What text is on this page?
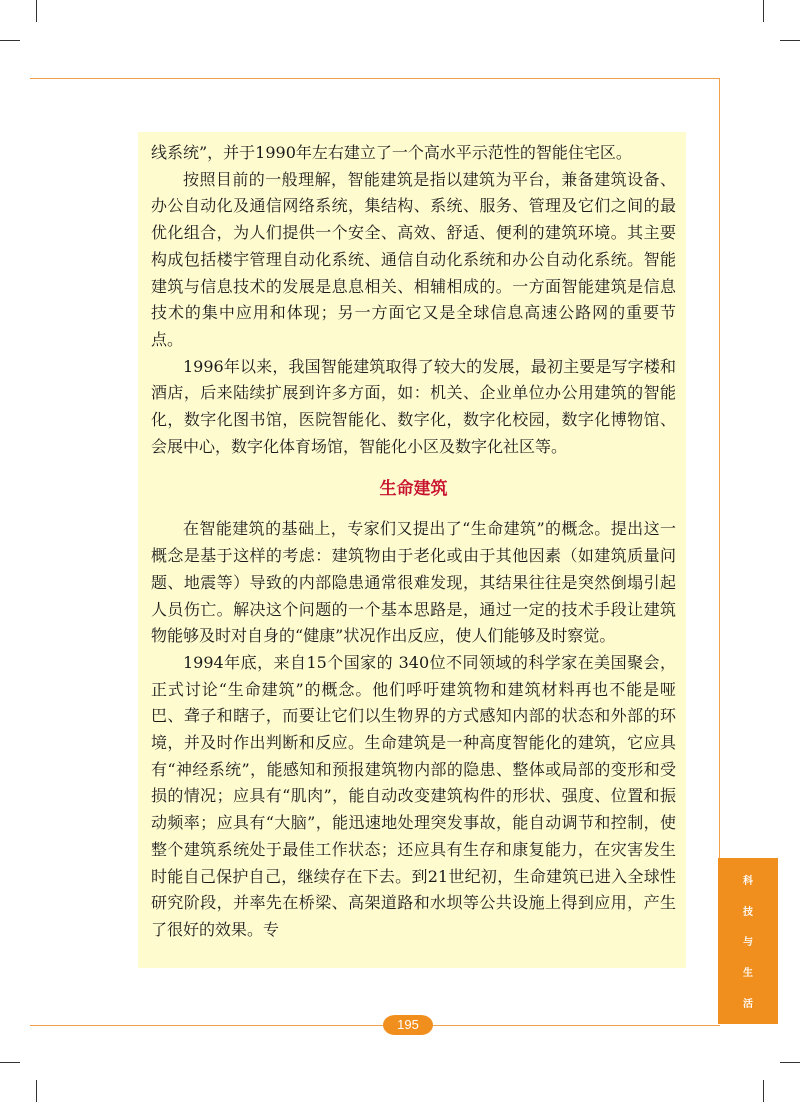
线系统”，并于1990年左右建立了一个高水平示范性的智能住宅区。

按照目前的一般理解，智能建筑是指以建筑为平台，兼备建筑设备、办公自动化及通信网络系统，集结构、系统、服务、管理及它们之间的最优化组合，为人们提供一个安全、高效、舒适、便利的建筑环境。其主要构成包括楼宇管理自动化系统、通信自动化系统和办公自动化系统。智能建筑与信息技术的发展是息息相关、相辅相成的。一方面智能建筑是信息技术的集中应用和体现；另一方面它又是全球信息高速公路网的重要节点。

1996年以来，我国智能建筑取得了较大的发展，最初主要是写字楼和酒店，后来陆续扩展到许多方面，如：机关、企业单位办公用建筑的智能化，数字化图书馆，医院智能化、数字化，数字化校园，数字化博物馆、会展中心，数字化体育场馆，智能化小区及数字化社区等。

生命建筑

在智能建筑的基础上，专家们又提出了“生命建筑”的概念。提出这一概念是基于这样的考虑：建筑物由于老化或由于其他因素（如建筑质量问题、地震等）导致的内部隐患通常很难发现，其结果往往是突然倒塌引起人员伤亡。解决这个问题的一个基本思路是，通过一定的技术手段让建筑物能够及时对自身的“健康”状况作出反应，使人们能够及时察觉。

1994年底，来自15个国家的 340位不同领域的科学家在美国聚会，正式讨论“生命建筑”的概念。他们呼吁建筑物和建筑材料再也不能是哑巴、聋子和瞎子，而要让它们以生物界的方式感知内部的状态和外部的环境，并及时作出判断和反应。生命建筑是一种高度智能化的建筑，它应具有“神经系统”，能感知和预报建筑物内部的隐患、整体或局部的变形和受损的情况；应具有“肌肉”，能自动改变建筑构件的形状、强度、位置和振动频率；应具有“大脑”，能迅速地处理突发事故，能自动调节和控制，使整个建筑系统处于最佳工作状态；还应具有生存和康复能力，在灾害发生时能自己保护自己，继续存在下去。到21世纪初，生命建筑已进入全球性研究阶段，并率先在桥梁、高架道路和水坝等公共设施上得到应用，产生了很好的效果。专

科
技
与
生
活
195
